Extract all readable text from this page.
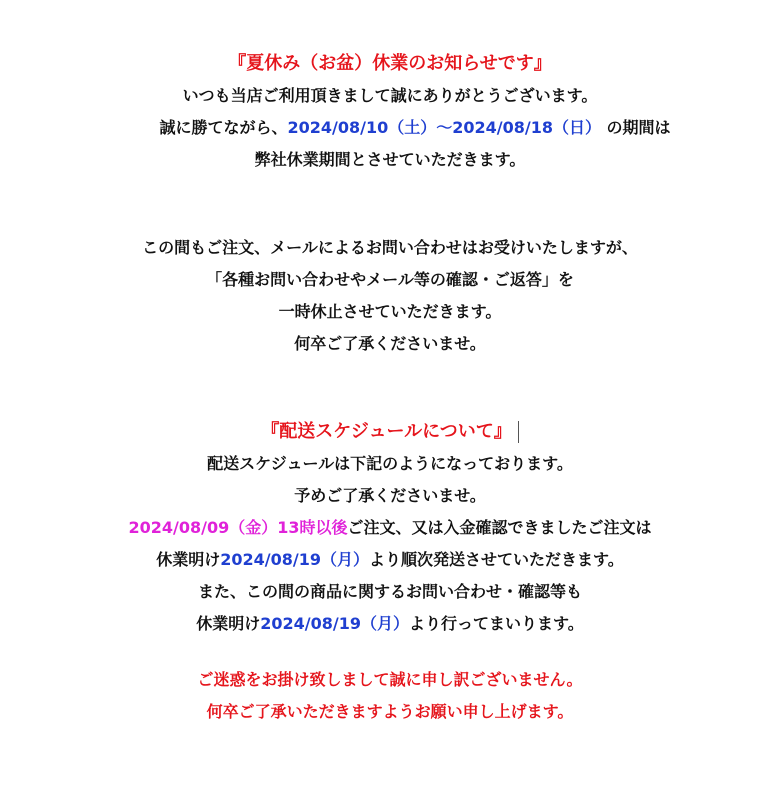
『夏休み（お盆）休業のお知らせです』
いつも当店ご利用頂きまして誠にありがとうございます。
誠に勝てながら、2024/08/10（土）～2024/08/18（日） の期間は
弊社休業期間とさせていただきます。
この間もご注文、メールによるお問い合わせはお受けいたしますが、
「各種お問い合わせやメール等の確認・ご返答」を
一時休止させていただきます。
何卒ご了承くださいませ。
『配送スケジュールについて』
配送スケジュールは下記のようになっております。
予めご了承くださいませ。
2024/08/09（金）13時以後ご注文、又は入金確認できましたご注文は
休業明け2024/08/19（月）より順次発送させていただきます。
また、この間の商品に関するお問い合わせ・確認等も
休業明け2024/08/19（月）より行ってまいります。
ご迷惑をお掛け致しまして誠に申し訳ございません。
何卒ご了承いただきますようお願い申し上げます。
